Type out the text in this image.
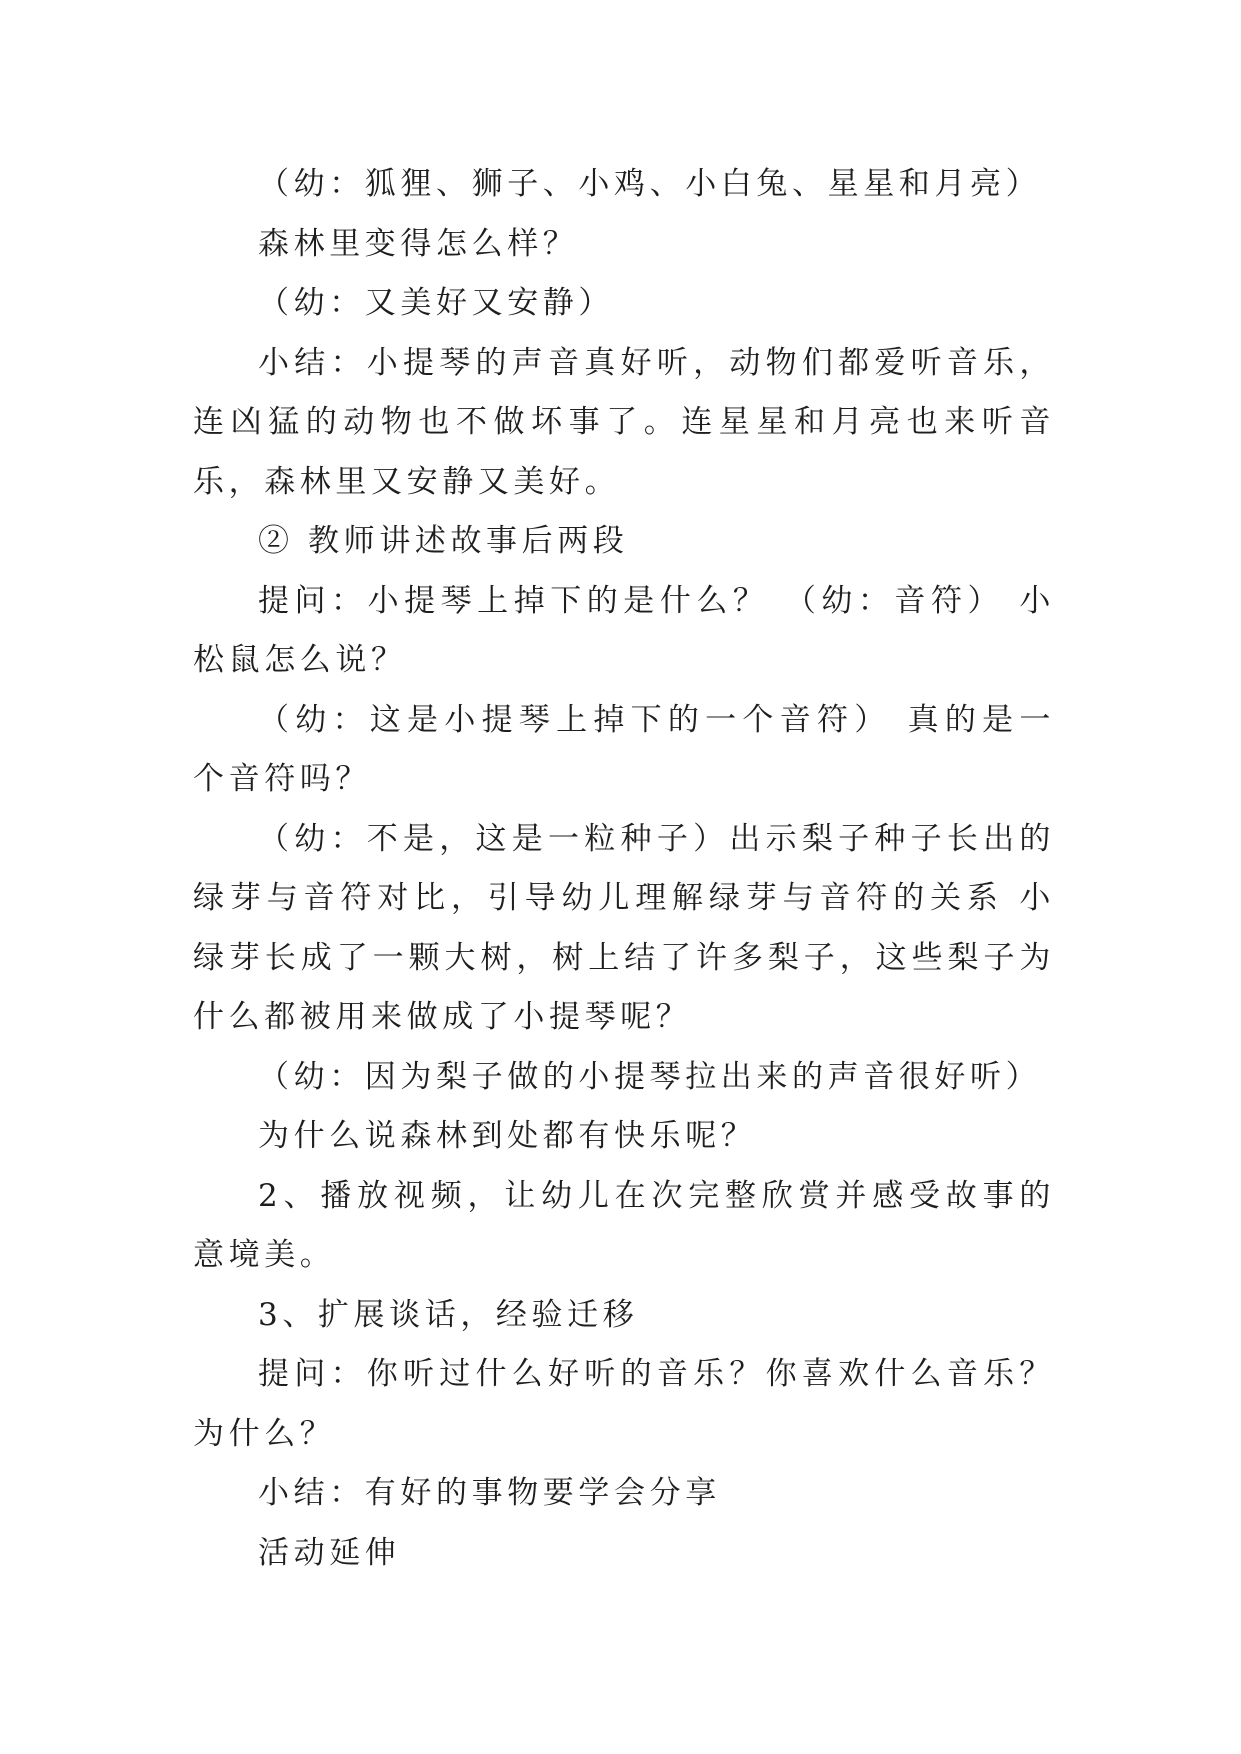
（幼：狐狸、狮子、小鸡、小白兔、星星和月亮）

森林里变得怎么样？

（幼：又美好又安静）

小结：小提琴的声音真好听，动物们都爱听音乐，连凶猛的动物也不做坏事了。连星星和月亮也来听音乐，森林里又安静又美好。

② 教师讲述故事后两段

提问：小提琴上掉下的是什么？ （幼：音符） 小松鼠怎么说？

（幼：这是小提琴上掉下的一个音符） 真的是一个音符吗？

（幼：不是，这是一粒种子）出示梨子种子长出的绿芽与音符对比，引导幼儿理解绿芽与音符的关系 小绿芽长成了一颗大树，树上结了许多梨子，这些梨子为什么都被用来做成了小提琴呢？

（幼：因为梨子做的小提琴拉出来的声音很好听）

为什么说森林到处都有快乐呢？

2、播放视频，让幼儿在次完整欣赏并感受故事的意境美。

3、扩展谈话，经验迁移

提问：你听过什么好听的音乐？你喜欢什么音乐？为什么？

小结：有好的事物要学会分享

活动延伸
